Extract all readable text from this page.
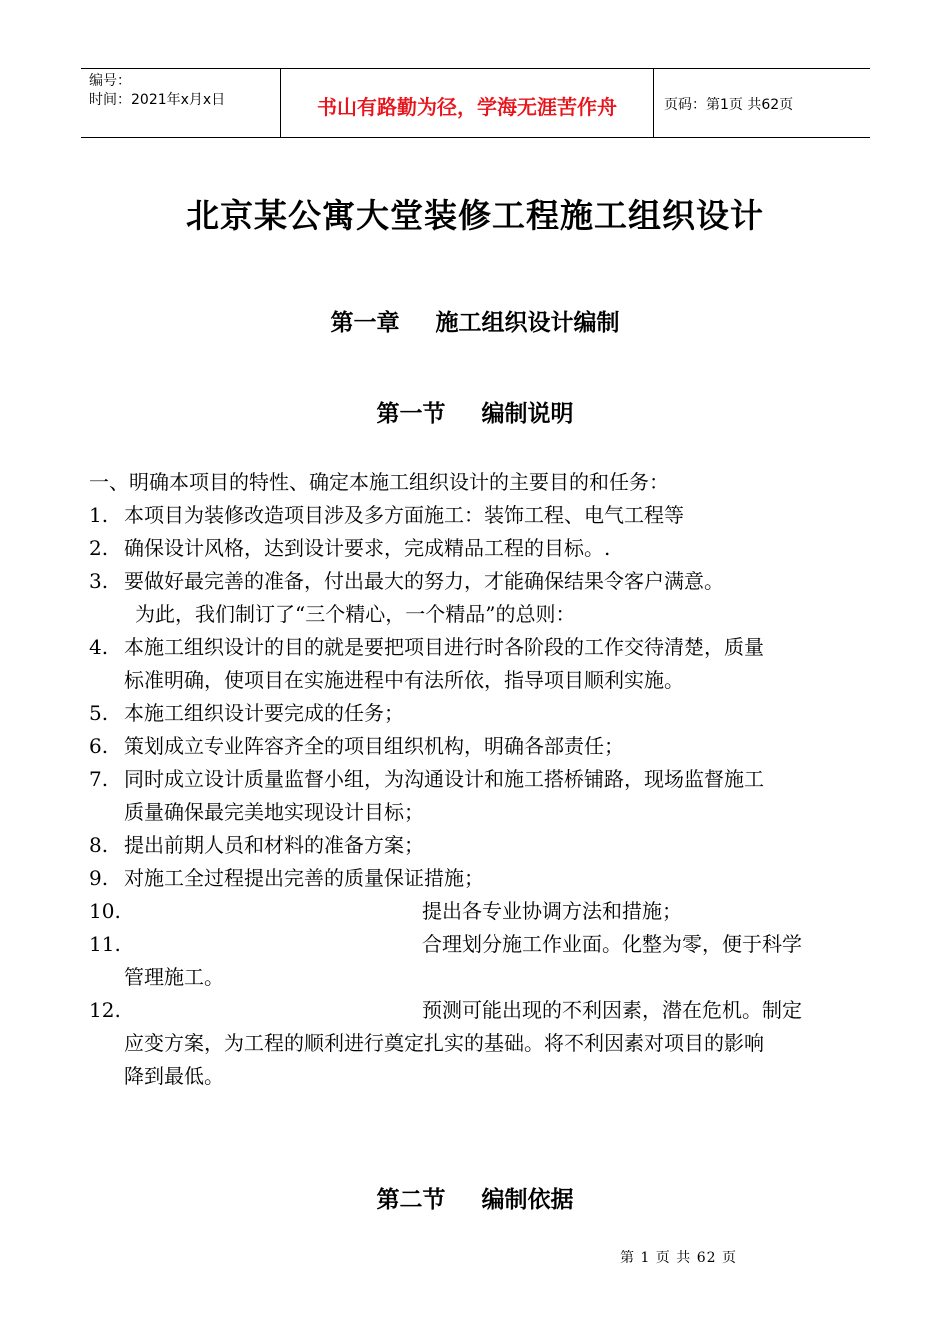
编号：
时间：2021年x月x日	书山有路勤为径，学海无涯苦作舟	页码：第1页 共62页
北京某公寓大堂装修工程施工组织设计
第一章 施工组织设计编制
第一节 编制说明
一、明确本项目的特性、确定本施工组织设计的主要目的和任务：
1. 本项目为装修改造项目涉及多方面施工：装饰工程、电气工程等
2. 确保设计风格，达到设计要求，完成精品工程的目标。.
3. 要做好最完善的准备，付出最大的努力，才能确保结果令客户满意。
为此，我们制订了“三个精心，一个精品”的总则：
4. 本施工组织设计的目的就是要把项目进行时各阶段的工作交待清楚，质量
标准明确，使项目在实施进程中有法所依，指导项目顺利实施。
5. 本施工组织设计要完成的任务；
6. 策划成立专业阵容齐全的项目组织机构，明确各部责任；
7. 同时成立设计质量监督小组，为沟通设计和施工搭桥铺路，现场监督施工
质量确保最完美地实现设计目标；
8. 提出前期人员和材料的准备方案；
9. 对施工全过程提出完善的质量保证措施；
10.	提出各专业协调方法和措施；
11.	合理划分施工作业面。化整为零，便于科学
管理施工。
12.	预测可能出现的不利因素，潜在危机。制定
应变方案，为工程的顺利进行奠定扎实的基础。将不利因素对项目的影响
降到最低。
第二节 编制依据
第 1 页 共 62 页
